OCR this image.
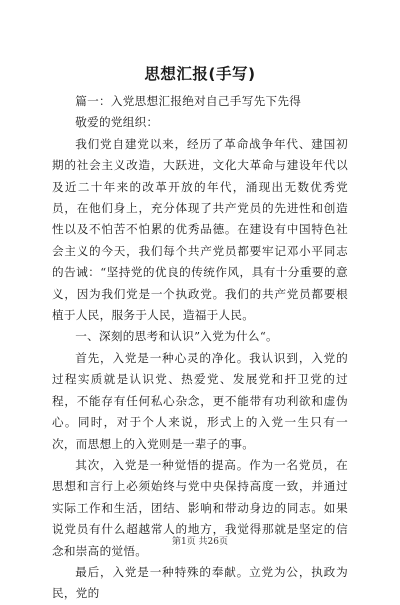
思想汇报(手写)

篇一：入党思想汇报绝对自己手写先下先得

敬爱的党组织：

我们党自建党以来，经历了革命战争年代、建国初期的社会主义改造，大跃进，文化大革命与建设年代以及近二十年来的改革开放的年代，涌现出无数优秀党员，在他们身上，充分体现了共产党员的先进性和创造性以及不怕苦不怕累的优秀品德。在建设有中国特色社会主义的今天，我们每个共产党员都要牢记邓小平同志的告诫：“坚持党的优良的传统作风，具有十分重要的意义，因为我们党是一个执政党。我们的共产党员都要根植于人民，服务于人民，造福于人民。

一、深刻的思考和认识”入党为什么“。

首先，入党是一种心灵的净化。我认识到，入党的过程实质就是认识党、热爱党、发展党和扞卫党的过程，不能存有任何私心杂念，更不能带有功利欲和虚伪心。同时，对于个人来说，形式上的入党一生只有一次，而思想上的入党则是一辈子的事。

其次，入党是一种觉悟的提高。作为一名党员，在思想和言行上必须始终与党中央保持高度一致，并通过实际工作和生活，团结、影响和带动身边的同志。如果说党员有什么超越常人的地方，我觉得那就是坚定的信念和崇高的觉悟。

最后，入党是一种特殊的奉献。立党为公，执政为民，党的

第1页 共26页
